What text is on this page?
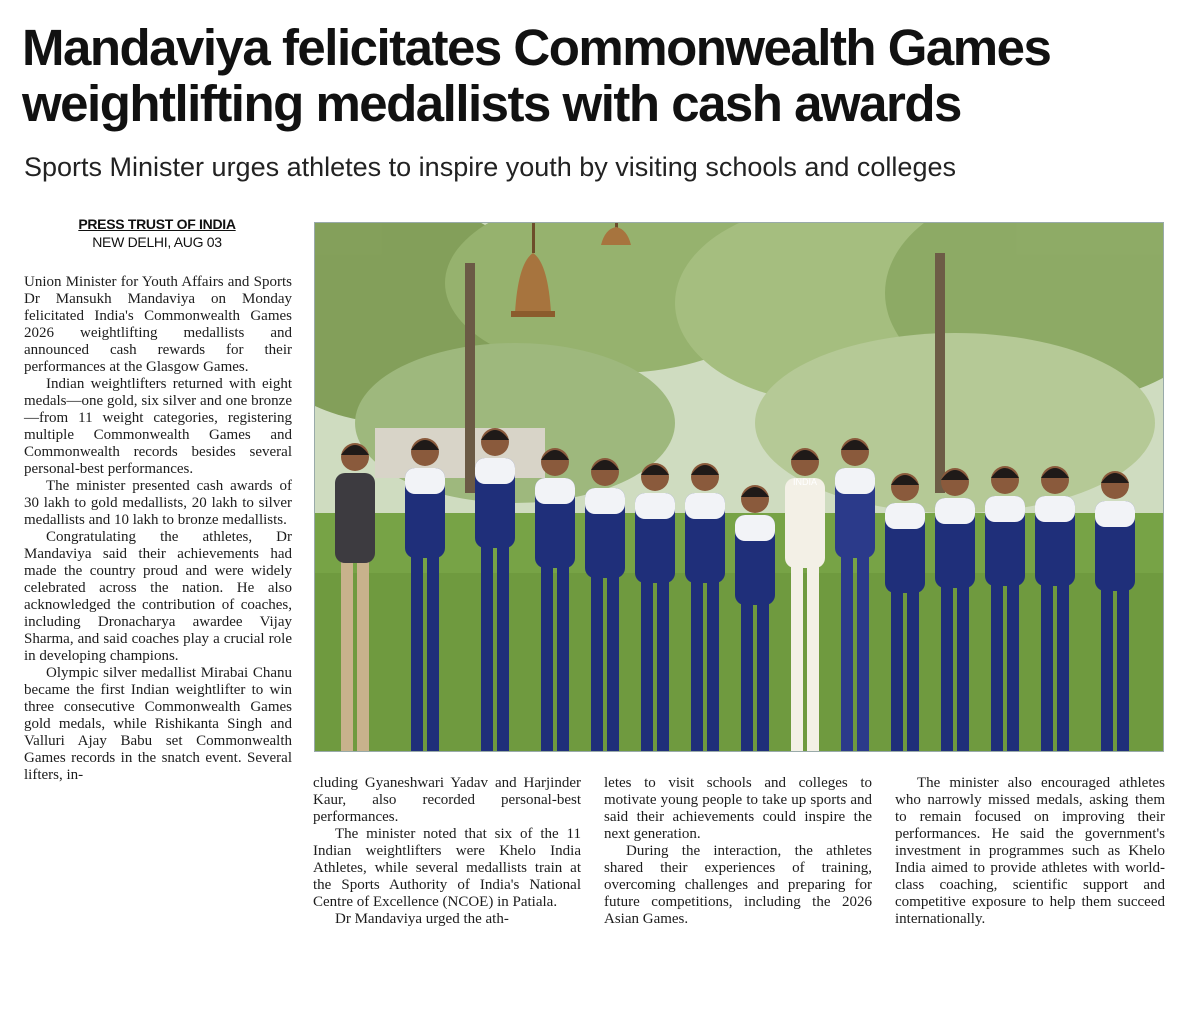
Mandaviya felicitates Commonwealth Games weightlifting medallists with cash awards

Sports Minister urges athletes to inspire youth by visiting schools and colleges

PRESS TRUST OF INDIA
NEW DELHI, AUG 03

Union Minister for Youth Affairs and Sports Dr Mansukh Mandaviya on Monday felicitated India's Commonwealth Games 2026 weightlifting medallists and announced cash rewards for their performances at the Glasgow Games.

Indian weightlifters returned with eight medals—one gold, six silver and one bronze—from 11 weight categories, registering multiple Commonwealth Games and Commonwealth records besides several personal-best performances.

The minister presented cash awards of 30 lakh to gold medallists, 20 lakh to silver medallists and 10 lakh to bronze medallists.

Congratulating the athletes, Dr Mandaviya said their achievements had made the country proud and were widely celebrated across the nation. He also acknowledged the contribution of coaches, including Dronacharya awardee Vijay Sharma, and said coaches play a crucial role in developing champions.

Olympic silver medallist Mirabai Chanu became the first Indian weightlifter to win three consecutive Commonwealth Games gold medals, while Rishikanta Singh and Valluri Ajay Babu set Commonwealth Games records in the snatch event. Several lifters, in-	cluding Gyaneshwari Yadav and Harjinder Kaur, also recorded personal-best performances.

The minister noted that six of the 11 Indian weightlifters were Khelo India Athletes, while several medallists train at the Sports Authority of India's National Centre of Excellence (NCOE) in Patiala.

Dr Mandaviya urged the ath-

letes to visit schools and colleges to motivate young people to take up sports and said their achievements could inspire the next generation.

During the interaction, the athletes shared their experiences of training, overcoming challenges and preparing for future competitions, including the 2026 Asian Games.

The minister also encouraged athletes who narrowly missed medals, asking them to remain focused on improving their performances. He said the government's investment in programmes such as Khelo India aimed to provide athletes with world-class coaching, scientific support and competitive exposure to help them succeed internationally.

INDIA
